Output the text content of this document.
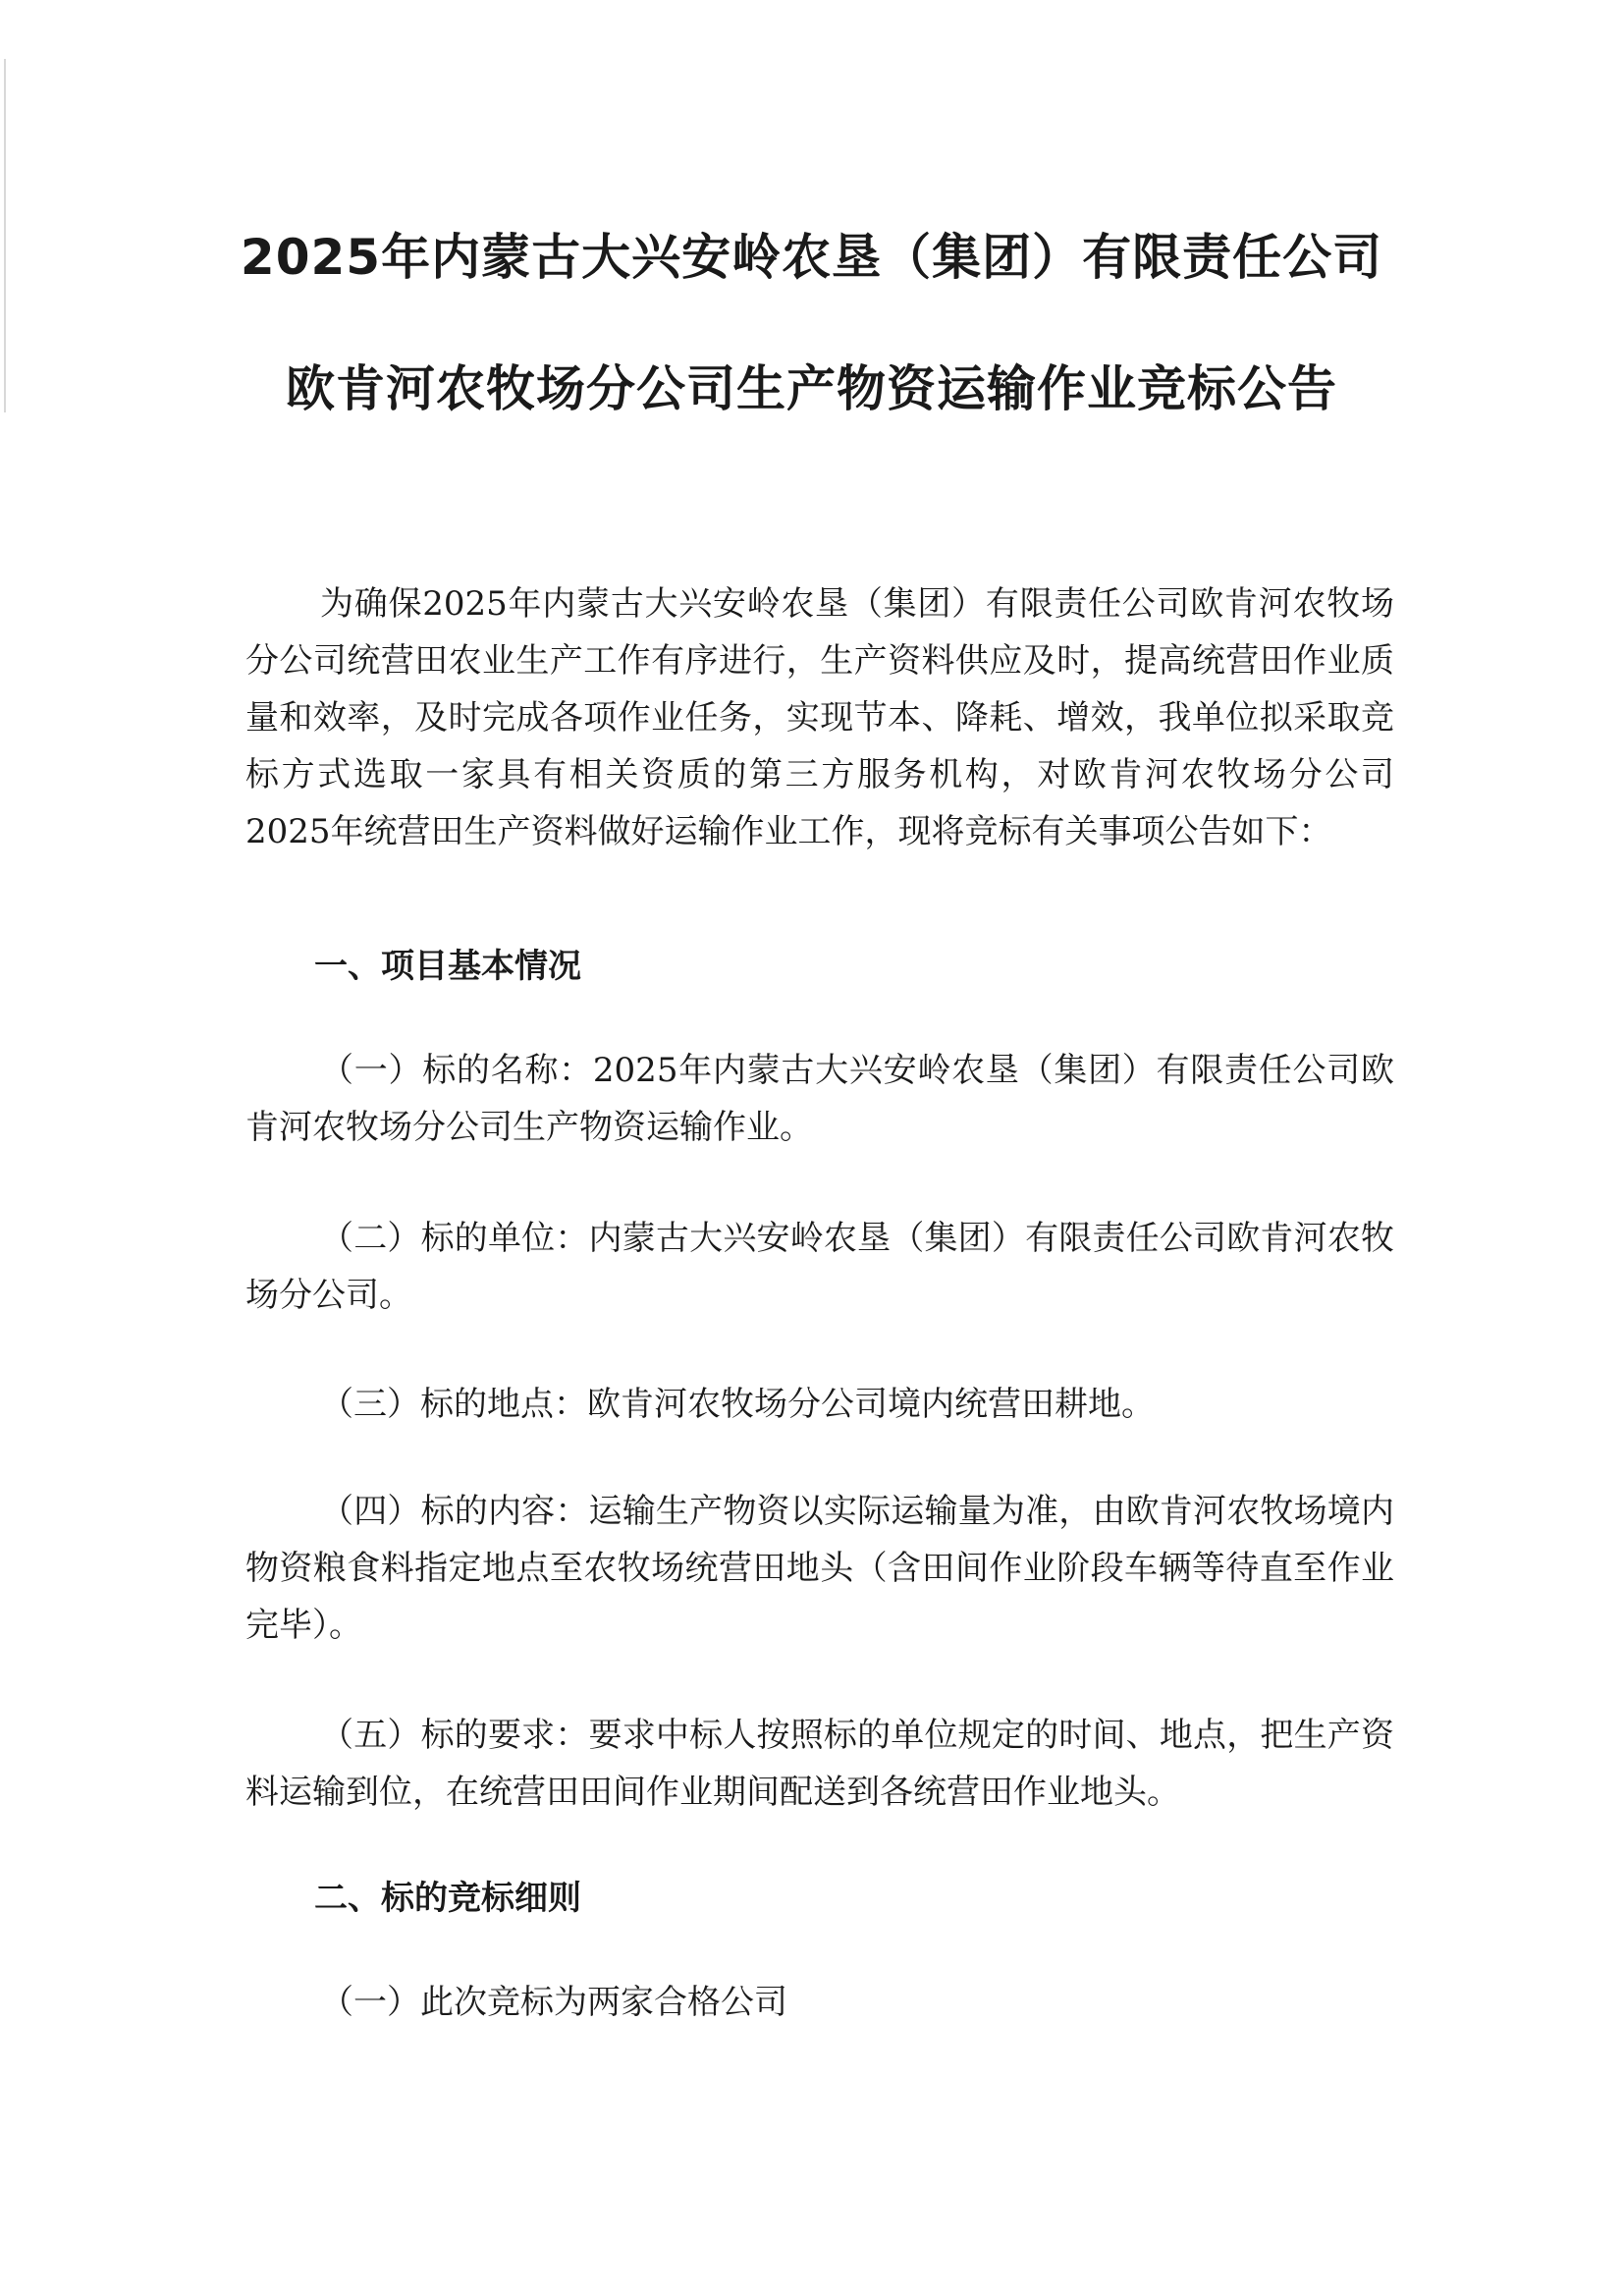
2025年内蒙古大兴安岭农垦（集团）有限责任公司
欧肯河农牧场分公司生产物资运输作业竞标公告
为确保2025年内蒙古大兴安岭农垦（集团）有限责任公司欧肯河农牧场分公司统营田农业生产工作有序进行，生产资料供应及时，提高统营田作业质量和效率，及时完成各项作业任务，实现节本、降耗、增效，我单位拟采取竞标方式选取一家具有相关资质的第三方服务机构，对欧肯河农牧场分公司2025年统营田生产资料做好运输作业工作，现将竞标有关事项公告如下：
一、项目基本情况
（一）标的名称：2025年内蒙古大兴安岭农垦（集团）有限责任公司欧肯河农牧场分公司生产物资运输作业。
（二）标的单位：内蒙古大兴安岭农垦（集团）有限责任公司欧肯河农牧场分公司。
（三）标的地点：欧肯河农牧场分公司境内统营田耕地。
（四）标的内容：运输生产物资以实际运输量为准，由欧肯河农牧场境内物资粮食料指定地点至农牧场统营田地头（含田间作业阶段车辆等待直至作业完毕）。
（五）标的要求：要求中标人按照标的单位规定的时间、地点，把生产资料运输到位，在统营田田间作业期间配送到各统营田作业地头。
二、标的竞标细则
（一）此次竞标为两家合格公司
